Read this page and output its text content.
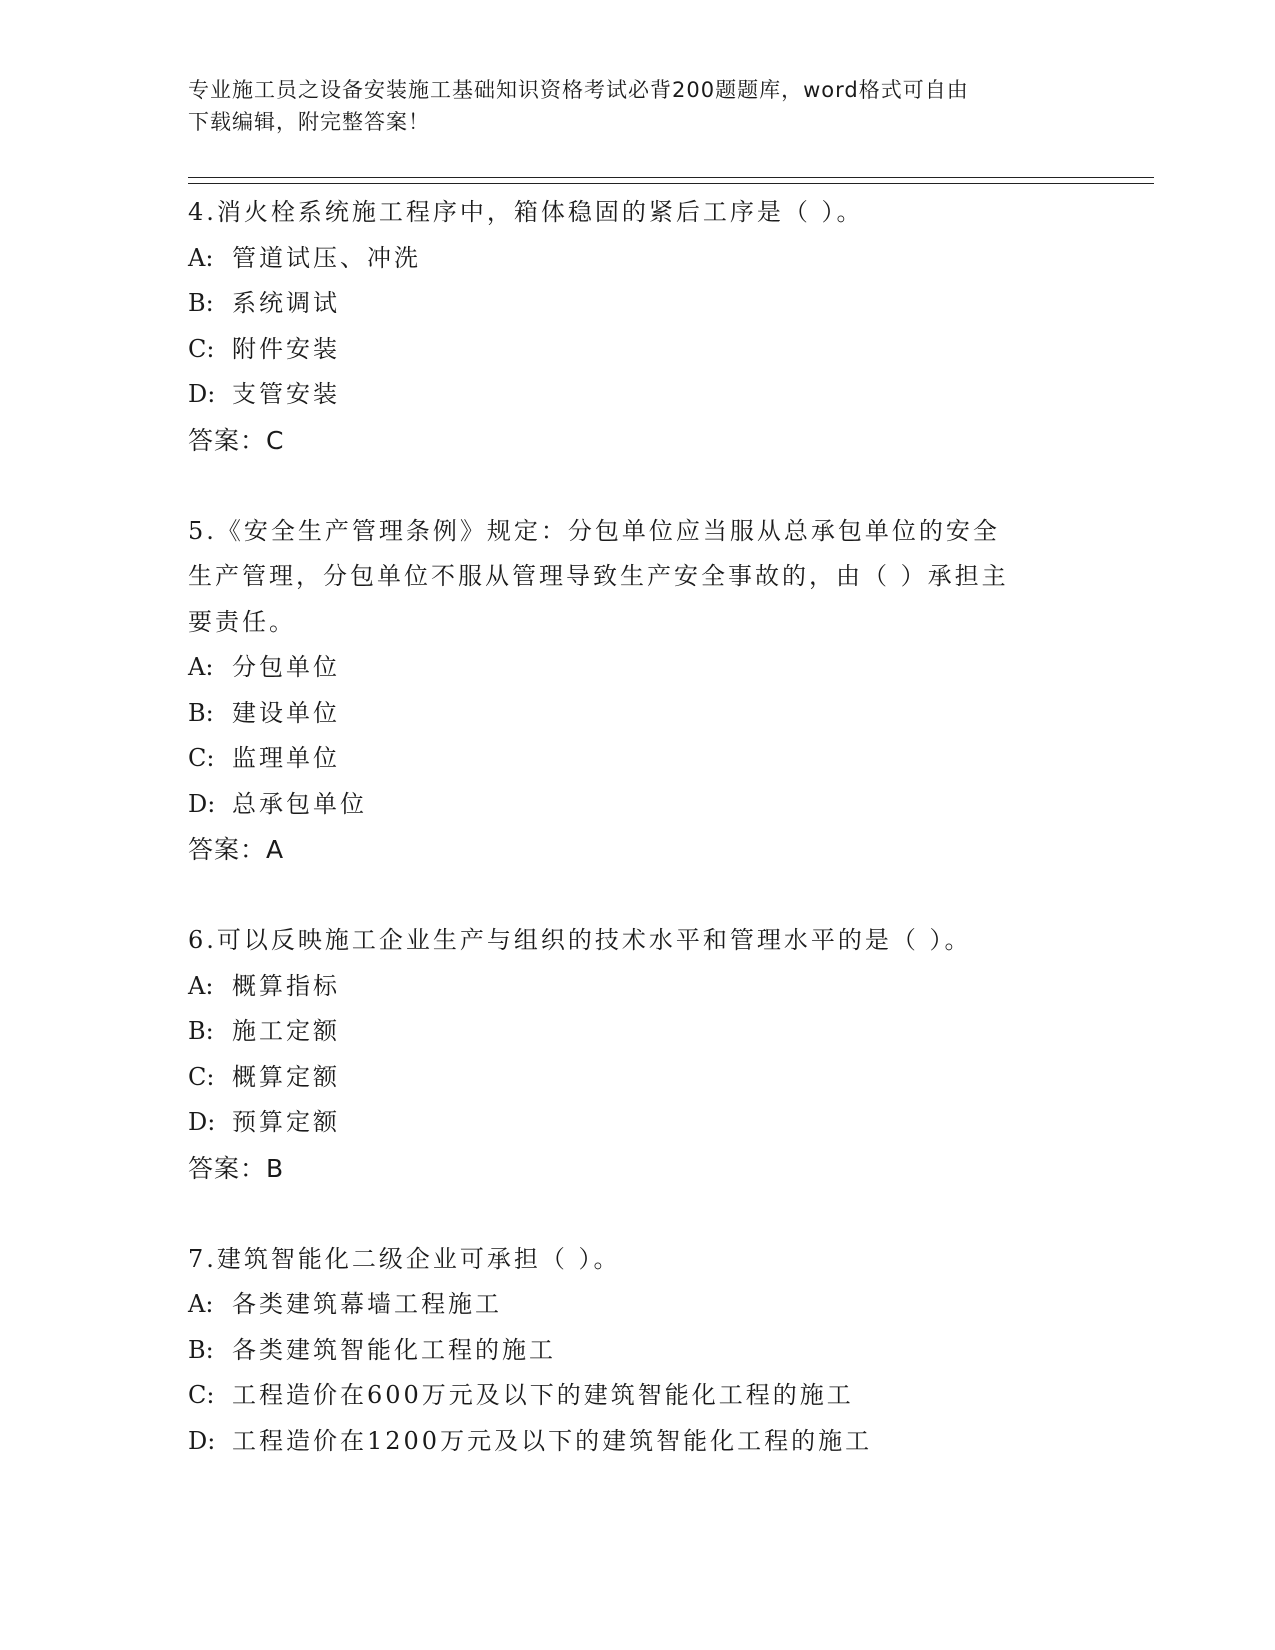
专业施工员之设备安装施工基础知识资格考试必背200题题库，word格式可自由
下载编辑，附完整答案！

4.消火栓系统施工程序中，箱体稳固的紧后工序是（ ）。

A: 管道试压、冲洗

B: 系统调试

C: 附件安装

D: 支管安装

答案：C

5.《安全生产管理条例》规定：分包单位应当服从总承包单位的安全

生产管理，分包单位不服从管理导致生产安全事故的，由（ ）承担主

要责任。

A: 分包单位

B: 建设单位

C: 监理单位

D: 总承包单位

答案：A

6.可以反映施工企业生产与组织的技术水平和管理水平的是（ ）。

A: 概算指标

B: 施工定额

C: 概算定额

D: 预算定额

答案：B

7.建筑智能化二级企业可承担（ ）。

A: 各类建筑幕墙工程施工

B: 各类建筑智能化工程的施工

C: 工程造价在600万元及以下的建筑智能化工程的施工

D: 工程造价在1200万元及以下的建筑智能化工程的施工
